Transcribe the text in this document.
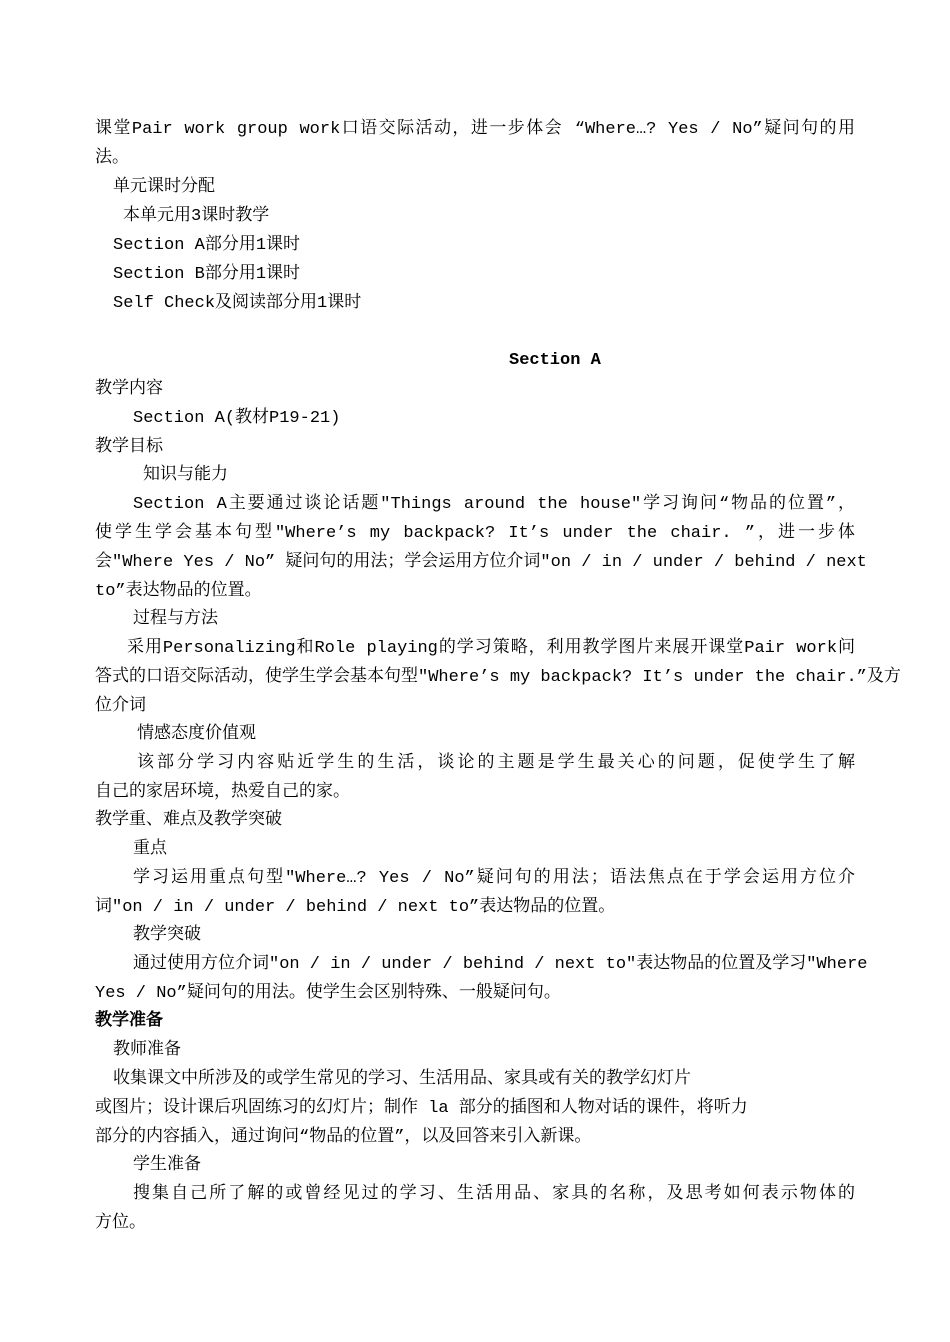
课堂Pair work group work口语交际活动，进一步体会 “Where…? Yes / No”疑问句的用
法。
单元课时分配
本单元用3课时教学
Section A部分用1课时
Section B部分用1课时
Self Check及阅读部分用1课时
Section A
教学内容
Section A(教材P19-21)
教学目标
知识与能力
Section A主要通过谈论话题"Things around the house"学习询问“物品的位置”，
使学生学会基本句型"Where’s my backpack? It’s under the chair. ”，进一步体
会"Where Yes / No” 疑问句的用法；学会运用方位介词"on / in / under / behind / next
to”表达物品的位置。
过程与方法
采用Personalizing和Role playing的学习策略，利用教学图片来展开课堂Pair work问
答式的口语交际活动，使学生学会基本句型"Where’s my backpack? It’s under the chair.”及方
位介词
情感态度价值观
该部分学习内容贴近学生的生活，谈论的主题是学生最关心的问题，促使学生了解
自己的家居环境，热爱自己的家。
教学重、难点及教学突破
重点
学习运用重点句型"Where…? Yes / No”疑问句的用法；语法焦点在于学会运用方位介
词"on / in / under / behind / next to”表达物品的位置。
教学突破
通过使用方位介词"on / in / under / behind / next to"表达物品的位置及学习"Where
Yes / No”疑问句的用法。使学生会区别特殊、一般疑问句。
教学准备
教师准备
收集课文中所涉及的或学生常见的学习、生活用品、家具或有关的教学幻灯片
或图片；设计课后巩固练习的幻灯片；制作 la 部分的插图和人物对话的课件，将听力
部分的内容插入，通过询问“物品的位置”，以及回答来引入新课。
学生准备
搜集自己所了解的或曾经见过的学习、生活用品、家具的名称，及思考如何表示物体的
方位。
